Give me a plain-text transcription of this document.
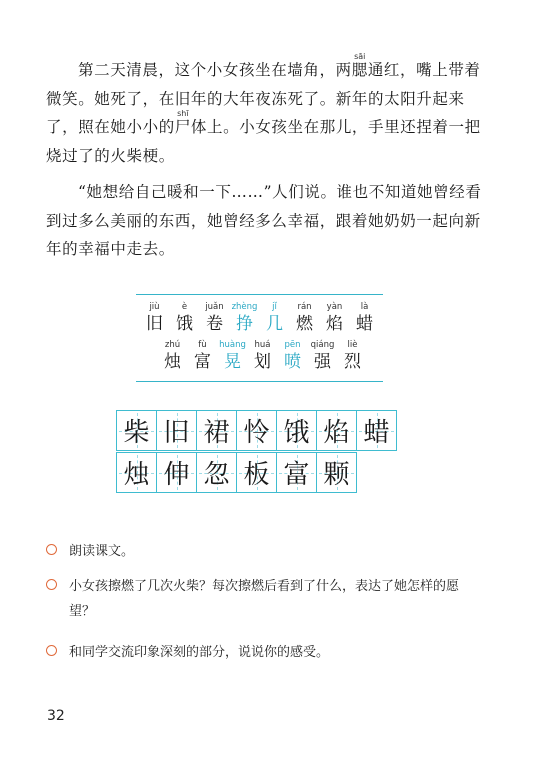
第二天清晨，这个小女孩坐在墙角，两腮sāi通红，嘴上带着微笑。她死了，在旧年的大年夜冻死了。新年的太阳升起来了，照在她小小的尸shī体上。小女孩坐在那儿，手里还捏着一把烧过了的火柴梗。

“她想给自己暖和一下……”人们说。谁也不知道她曾经看到过多么美丽的东西，她曾经多么幸福，跟着她奶奶一起向新年的幸福中走去。

jiù
旧
è
饿
juǎn
卷
zhèng
挣
jǐ
几
rán
燃
yàn
焰
là
蜡
zhú
烛
fù
富
huàng
晃
huá
划
pēn
喷
qiáng
强
liè
烈
柴 旧 裙 怜 饿 焰 蜡
烛 伸 忽 板 富 颗
朗读课文。
小女孩擦燃了几次火柴？每次擦燃后看到了什么，表达了她怎样的愿望？
和同学交流印象深刻的部分，说说你的感受。
32
